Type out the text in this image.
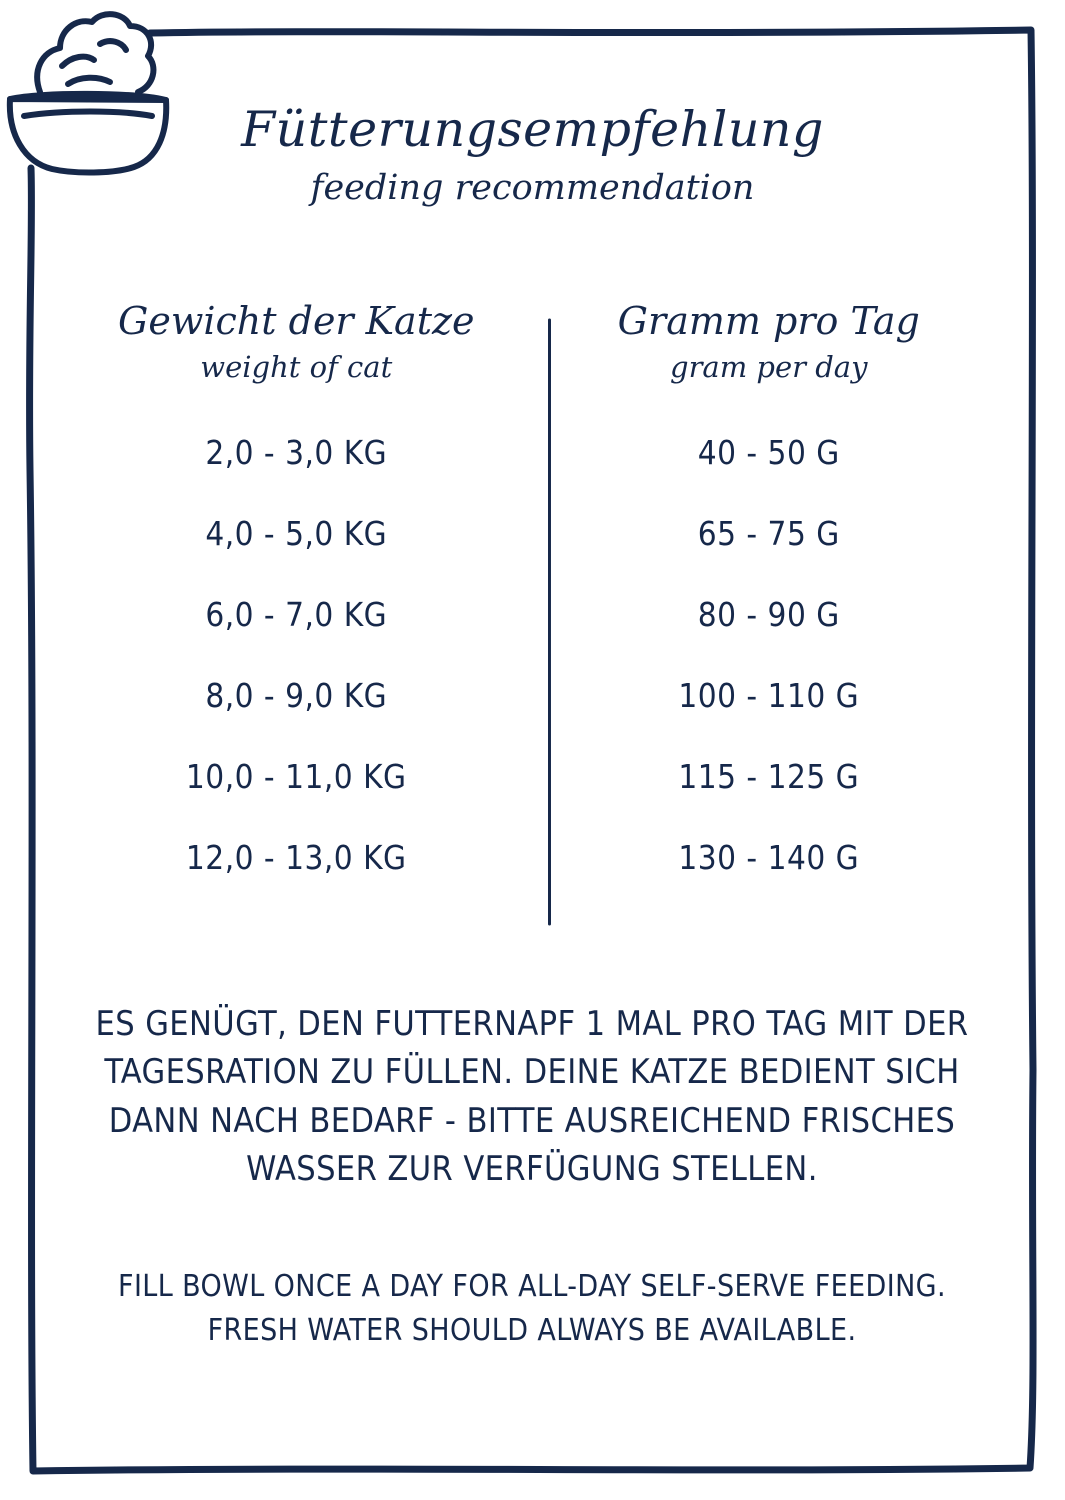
Fütterungsempfehlung
feeding recommendation
Gewicht der Katze
weight of cat
Gramm pro Tag
gram per day
2,0 - 3,0 KG	40 - 50 G
4,0 - 5,0 KG	65 - 75 G
6,0 - 7,0 KG	80 - 90 G
8,0 - 9,0 KG	100 - 110 G
10,0 - 11,0 KG	115 - 125 G
12,0 - 13,0 KG	130 - 140 G
ES GENÜGT, DEN FUTTERNAPF 1 MAL PRO TAG MIT DER
TAGESRATION ZU FÜLLEN. DEINE KATZE BEDIENT SICH
DANN NACH BEDARF - BITTE AUSREICHEND FRISCHES
WASSER ZUR VERFÜGUNG STELLEN.
FILL BOWL ONCE A DAY FOR ALL-DAY SELF-SERVE FEEDING.
FRESH WATER SHOULD ALWAYS BE AVAILABLE.
